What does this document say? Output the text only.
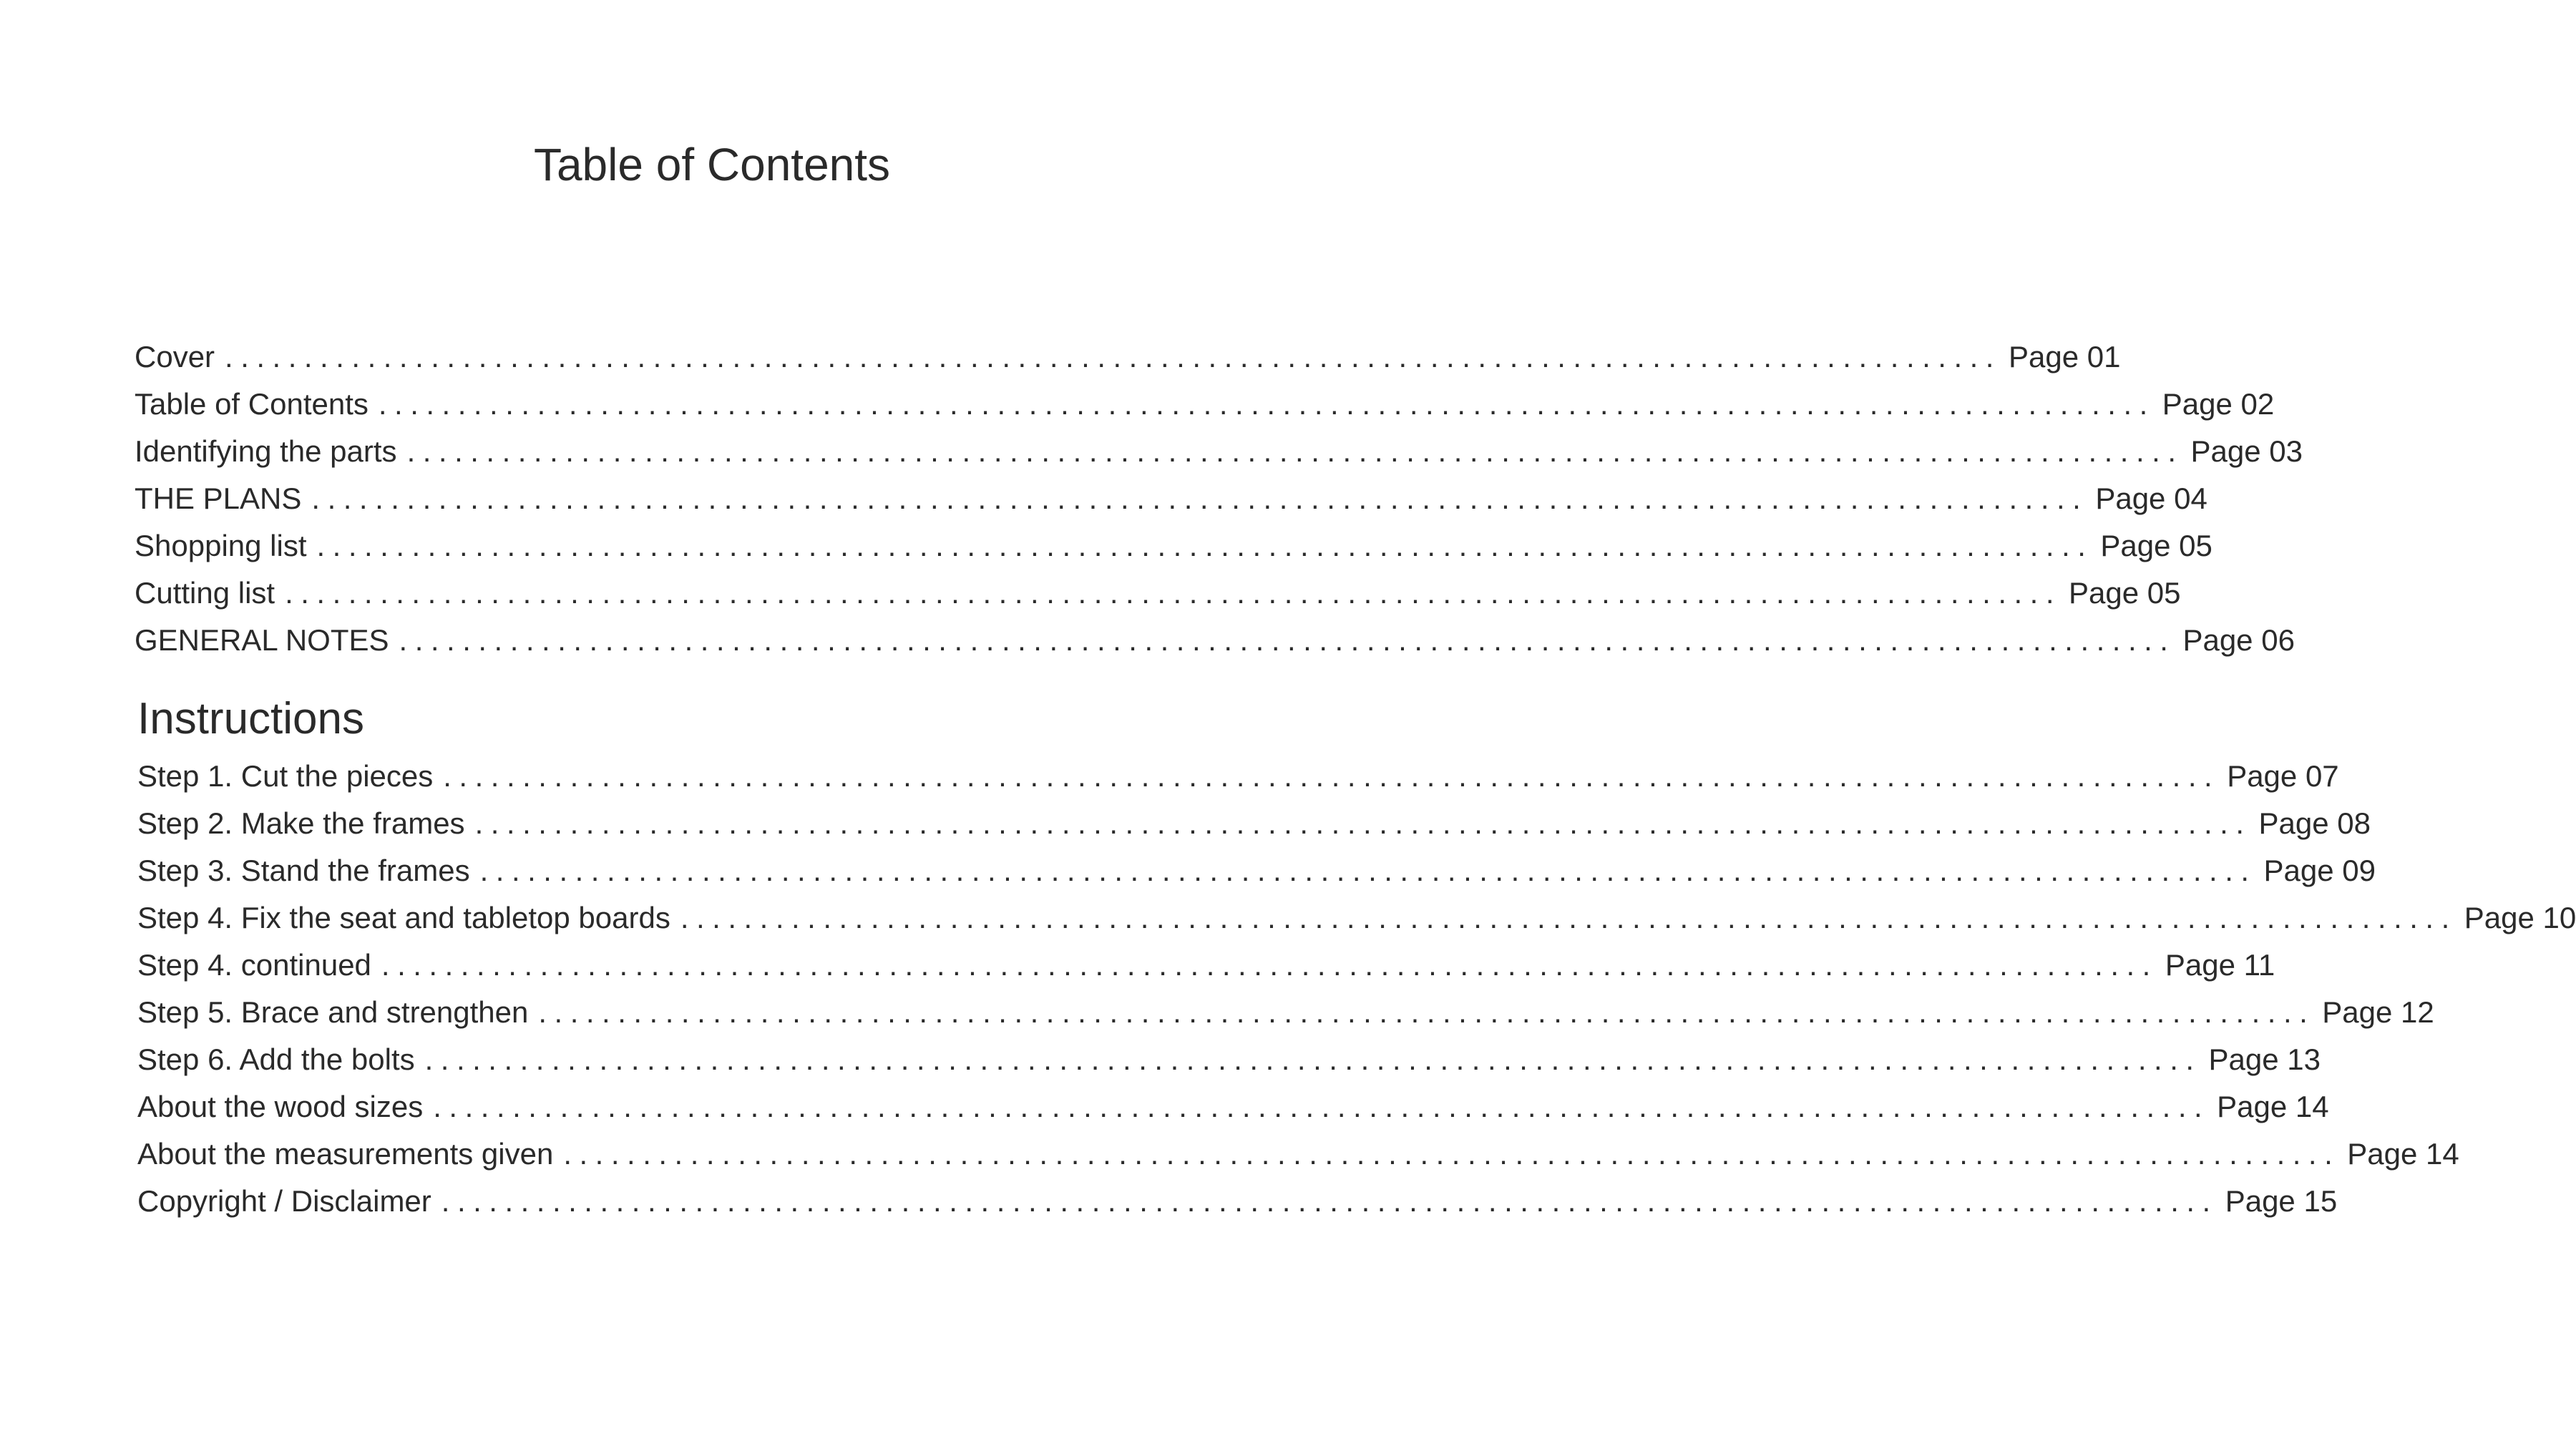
Table of Contents
Cover ................................................................................................................ Page 01
Table of Contents ................................................................................................................ Page 02
Identifying the parts ................................................................................................................ Page 03
THE PLANS ................................................................................................................ Page 04
Shopping list ................................................................................................................ Page 05
Cutting list ................................................................................................................ Page 05
GENERAL NOTES ................................................................................................................ Page 06
Instructions
Step 1. Cut the pieces ................................................................................................................ Page 07
Step 2. Make the frames ................................................................................................................ Page 08
Step 3. Stand the frames ................................................................................................................ Page 09
Step 4. Fix the seat and tabletop boards ................................................................................................................ Page 10
Step 4. continued ................................................................................................................ Page 11
Step 5. Brace and strengthen ................................................................................................................ Page 12
Step 6. Add the bolts ................................................................................................................ Page 13
About the wood sizes ................................................................................................................ Page 14
About the measurements given ................................................................................................................ Page 14
Copyright / Disclaimer ................................................................................................................ Page 15
